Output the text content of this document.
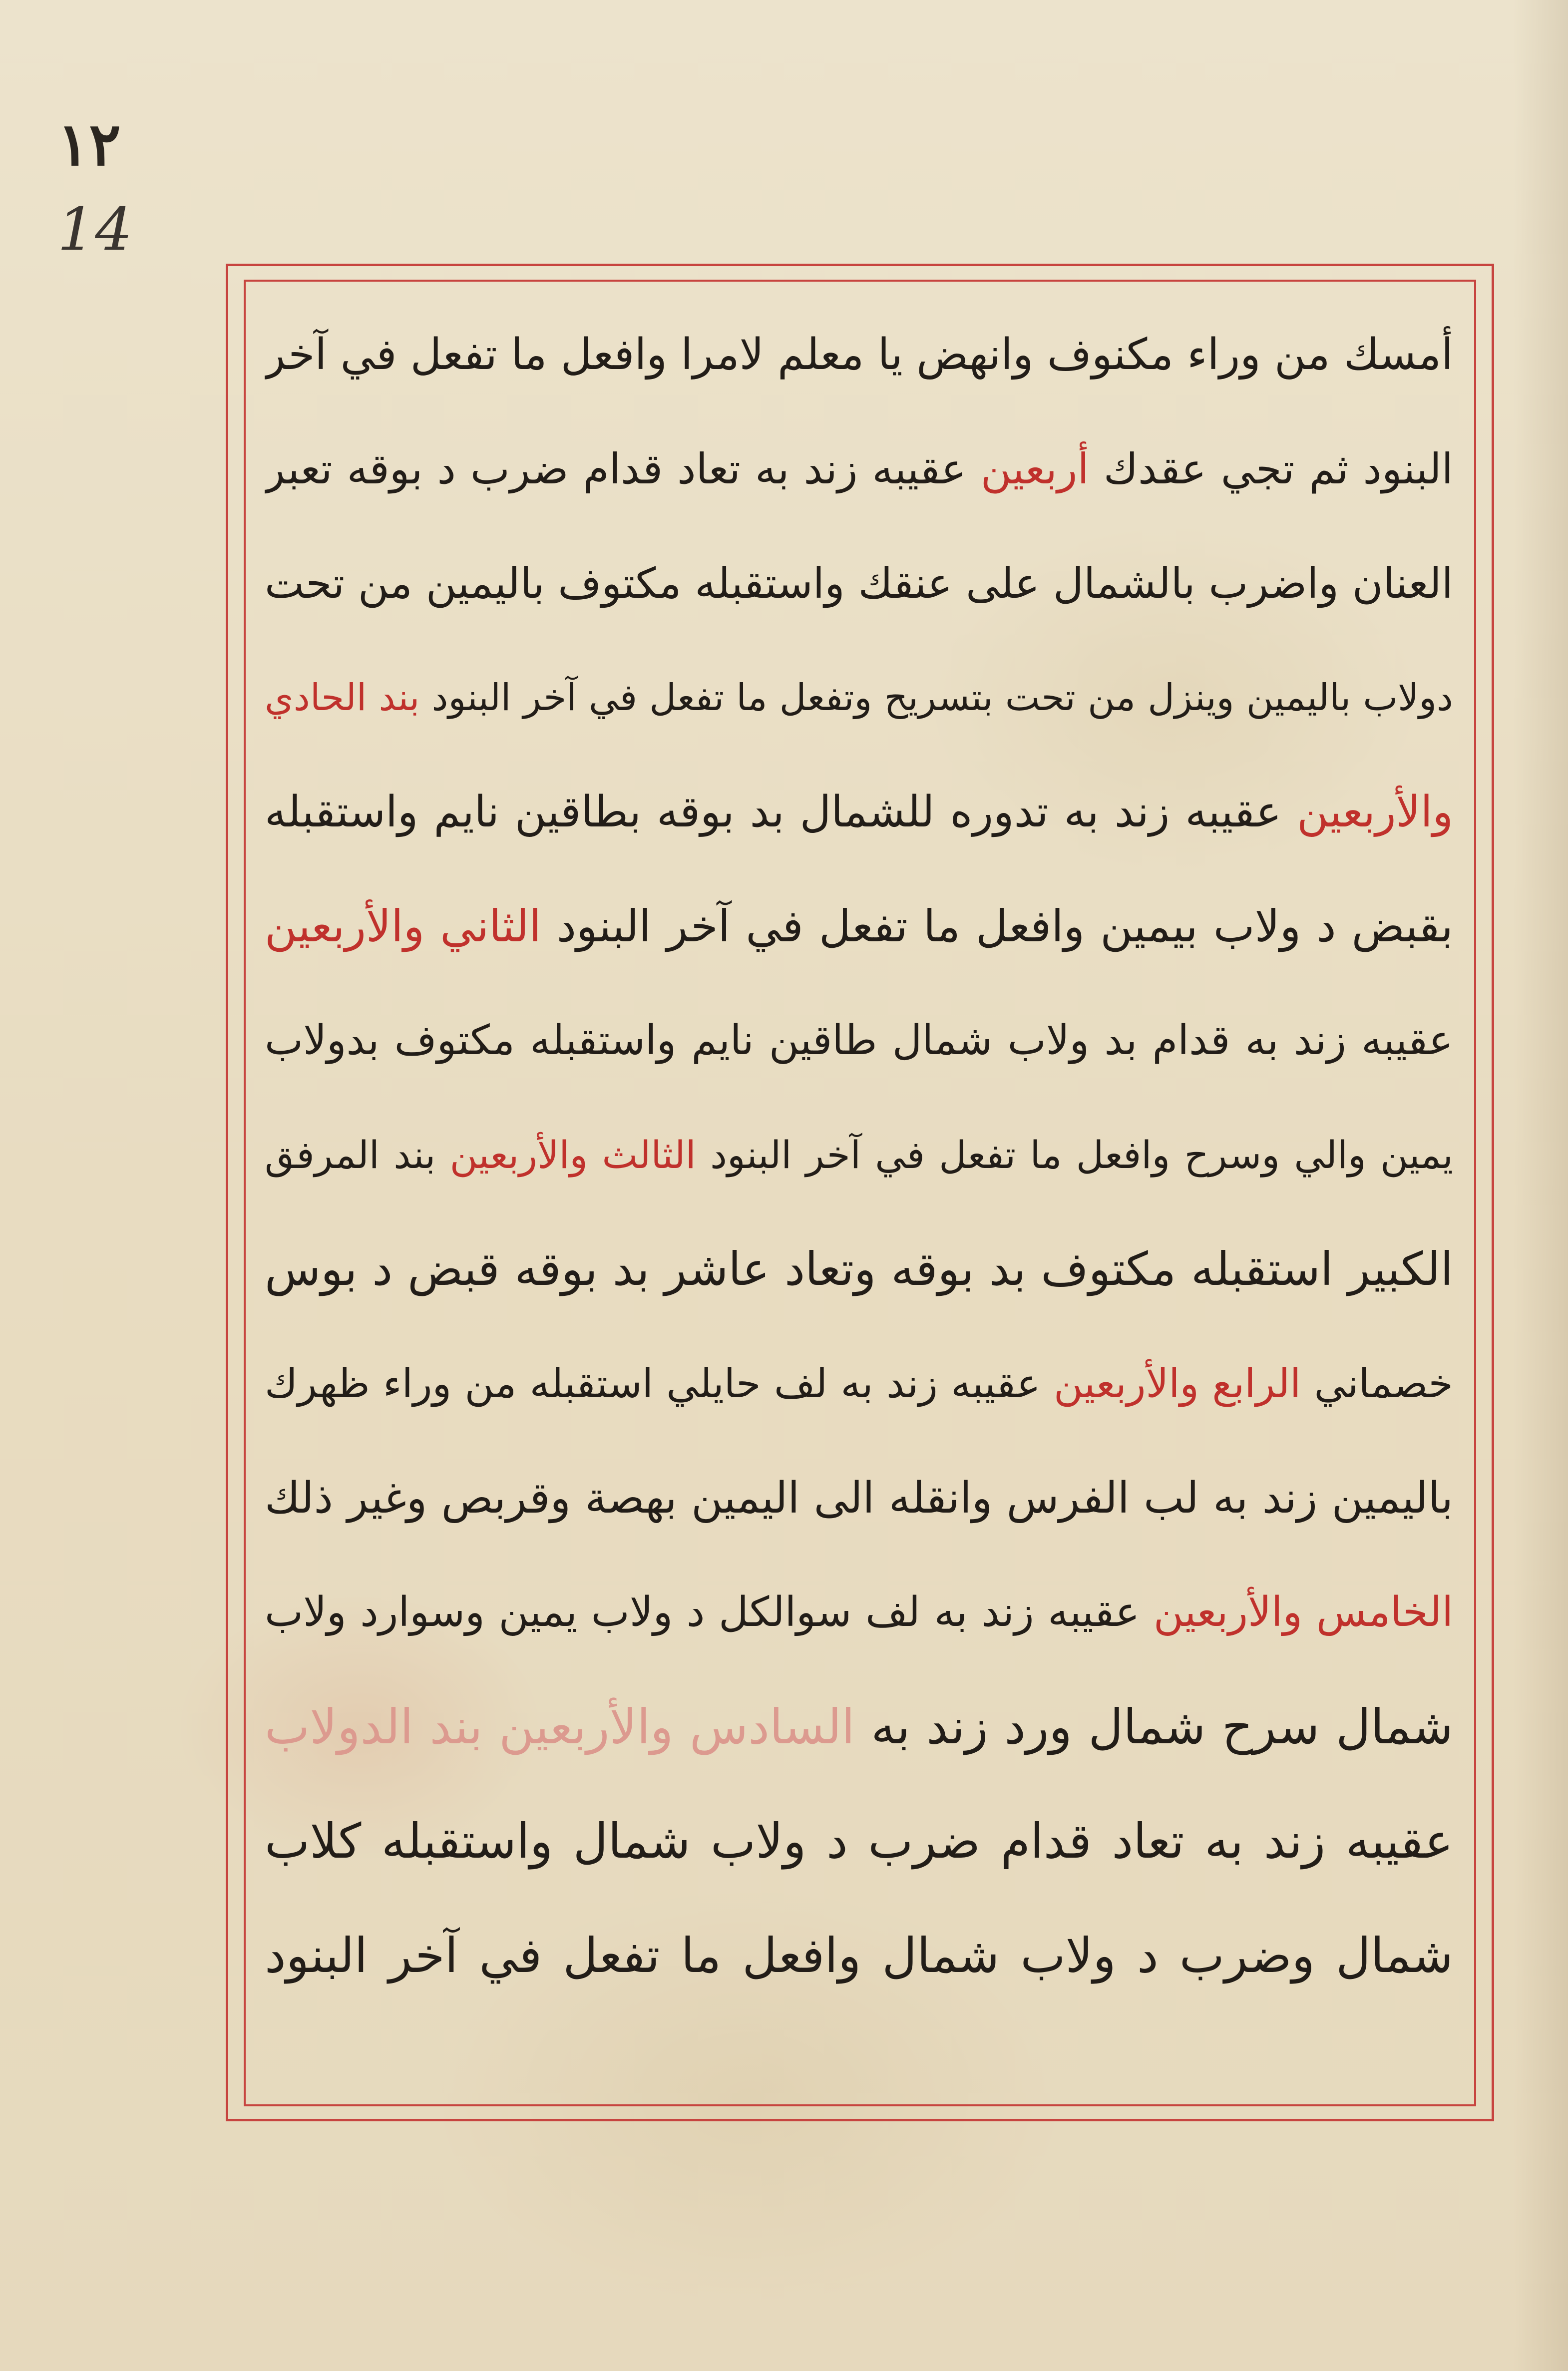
١٢
14
أمسك من وراء مكنوف وانهض يا معلم لامرا وافعل ما تفعل في آخر
البنود ثم تجي عقدك أربعين عقيبه زند به تعاد قدام ضرب د بوقه تعبر
العنان واضرب بالشمال على عنقك واستقبله مكتوف باليمين من تحت
دولاب باليمين وينزل من تحت بتسريح وتفعل ما تفعل في آخر البنود بند الحادي
والأربعين عقيبه زند به تدوره للشمال بد بوقه بطاقين نايم واستقبله
بقبض د ولاب بيمين وافعل ما تفعل في آخر البنود الثاني والأربعين
عقيبه زند به قدام بد ولاب شمال طاقين نايم واستقبله مكتوف بدولاب
يمين والي وسرح وافعل ما تفعل في آخر البنود الثالث والأربعين بند المرفق
الكبير استقبله مكتوف بد بوقه وتعاد عاشر بد بوقه قبض د بوس
خصماني الرابع والأربعين عقيبه زند به لف حايلي استقبله من وراء ظهرك
باليمين زند به لب الفرس وانقله الى اليمين بهصة وقربص وغير ذلك
الخامس والأربعين عقيبه زند به لف سوالكل د ولاب يمين وسوارد ولاب
شمال سرح شمال ورد زند به السادس والأربعين بند الدولاب
عقيبه زند به تعاد قدام ضرب د ولاب شمال واستقبله كلاب
شمال وضرب د ولاب شمال وافعل ما تفعل في آخر البنود
